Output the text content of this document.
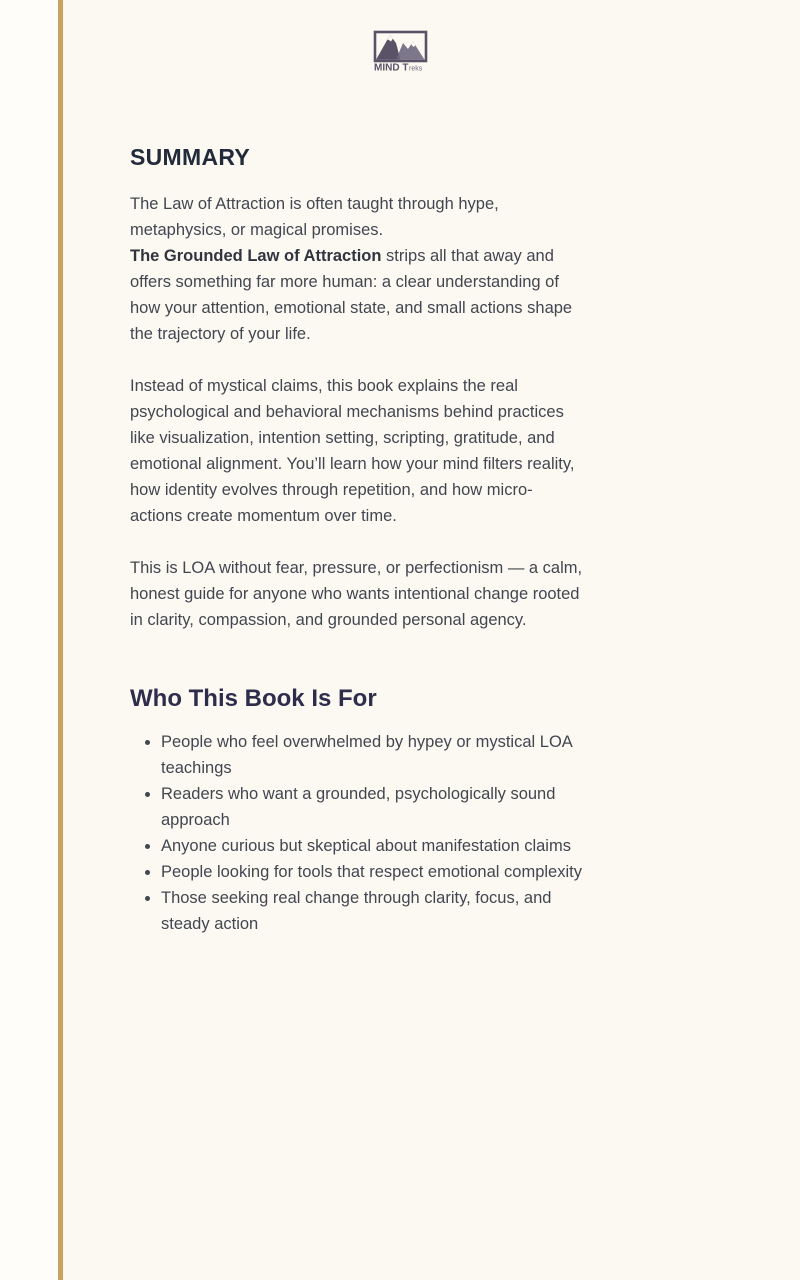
MIND T reks
SUMMARY

The Law of Attraction is often taught through hype,
metaphysics, or magical promises.
The Grounded Law of Attraction strips all that away and
offers something far more human: a clear understanding of
how your attention, emotional state, and small actions shape
the trajectory of your life.

Instead of mystical claims, this book explains the real
psychological and behavioral mechanisms behind practices
like visualization, intention setting, scripting, gratitude, and
emotional alignment. You’ll learn how your mind filters reality,
how identity evolves through repetition, and how micro-
actions create momentum over time.

This is LOA without fear, pressure, or perfectionism — a calm,
honest guide for anyone who wants intentional change rooted
in clarity, compassion, and grounded personal agency.

Who This Book Is For
• People who feel overwhelmed by hypey or mystical LOA
teachings
• Readers who want a grounded, psychologically sound
approach
• Anyone curious but skeptical about manifestation claims
• People looking for tools that respect emotional complexity
• Those seeking real change through clarity, focus, and
steady action
